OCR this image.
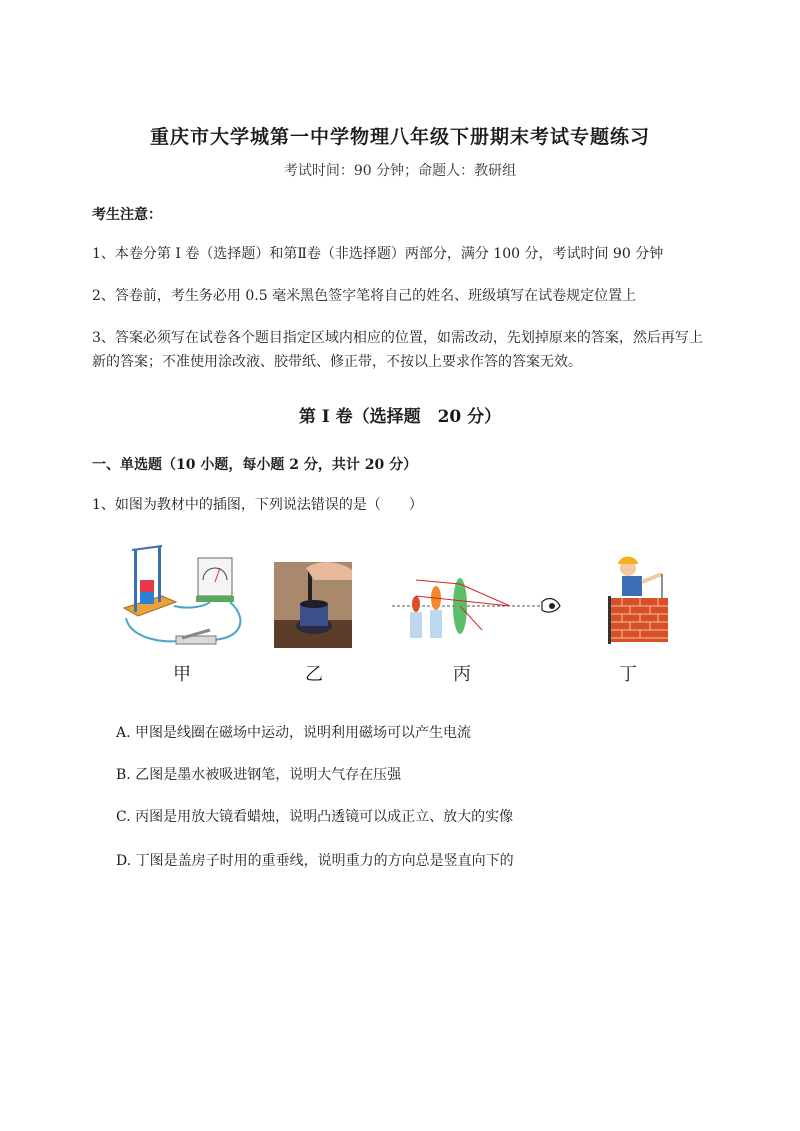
重庆市大学城第一中学物理八年级下册期末考试专题练习
考试时间：90 分钟；命题人：教研组
考生注意：
1、本卷分第 I 卷（选择题）和第Ⅱ卷（非选择题）两部分，满分 100 分，考试时间 90 分钟
2、答卷前，考生务必用 0.5 毫米黑色签字笔将自己的姓名、班级填写在试卷规定位置上
3、答案必须写在试卷各个题目指定区域内相应的位置，如需改动，先划掉原来的答案，然后再写上新的答案；不准使用涂改液、胶带纸、修正带，不按以上要求作答的答案无效。
第 I 卷（选择题　20 分）
一、单选题（10 小题，每小题 2 分，共计 20 分）
1、如图为教材中的插图，下列说法错误的是（　　）
甲	乙	丙	丁
A. 甲图是线圈在磁场中运动，说明利用磁场可以产生电流
B. 乙图是墨水被吸进钢笔，说明大气存在压强
C. 丙图是用放大镜看蜡烛，说明凸透镜可以成正立、放大的实像
D. 丁图是盖房子时用的重垂线，说明重力的方向总是竖直向下的
